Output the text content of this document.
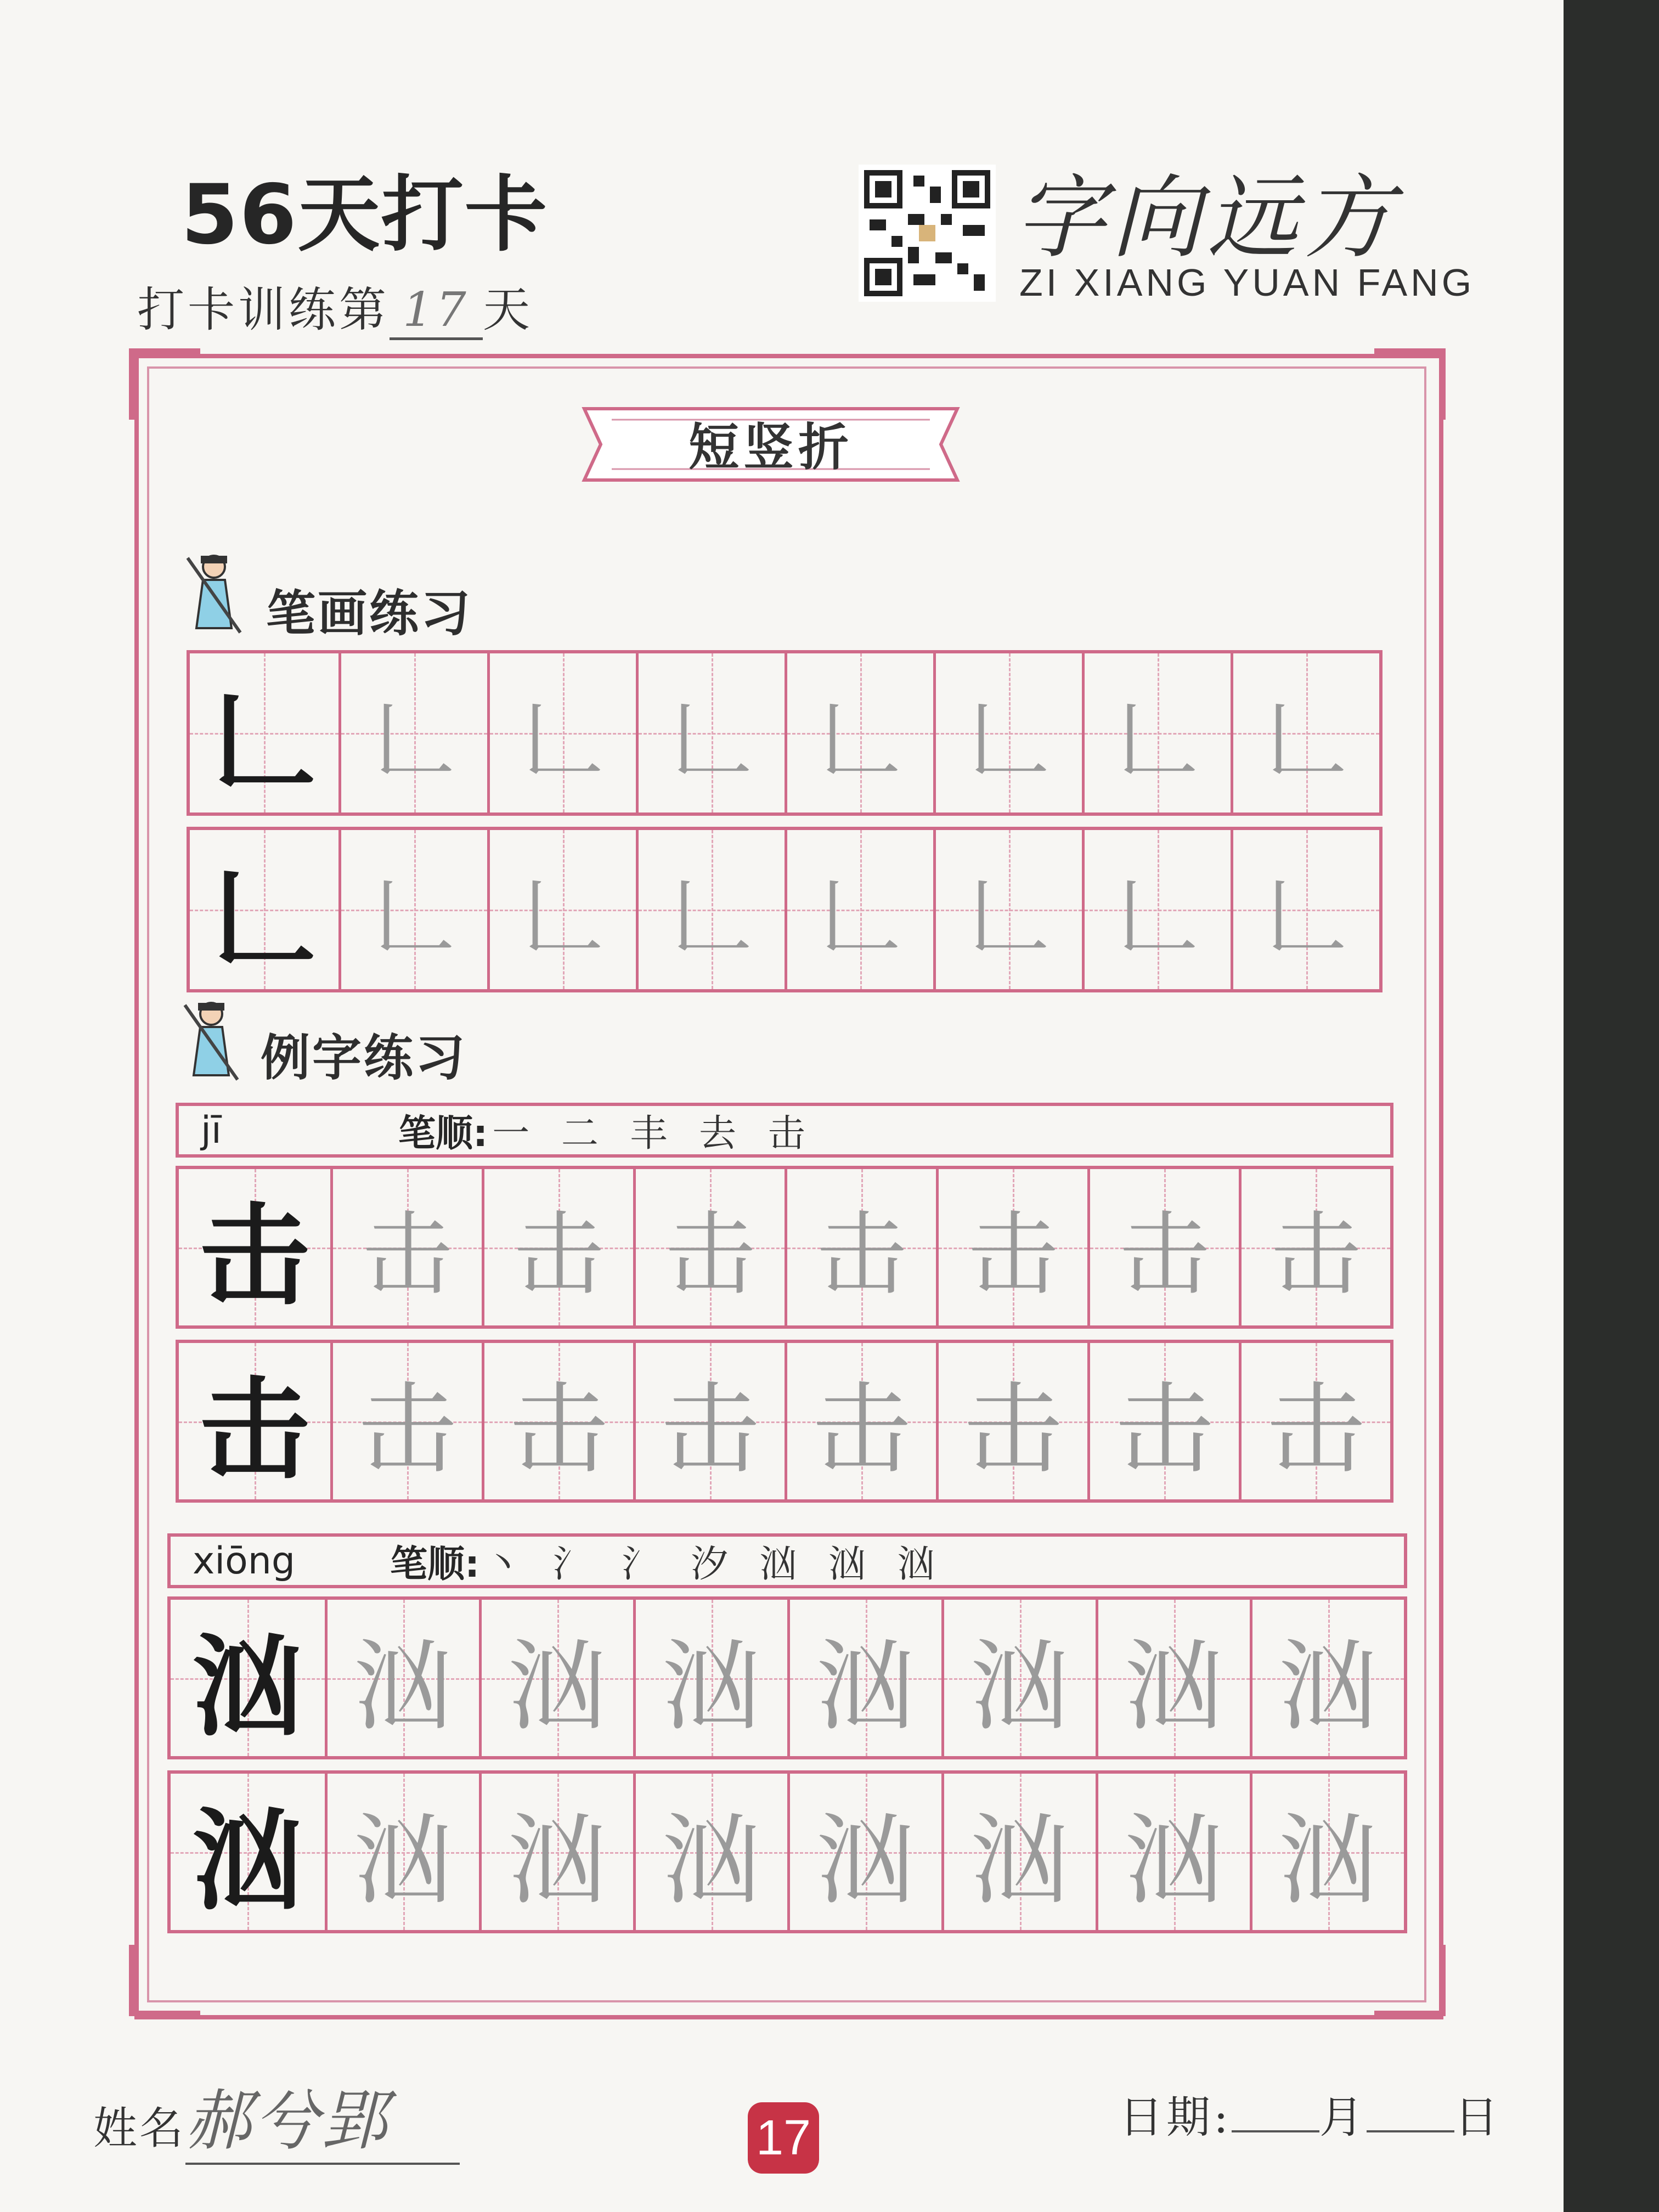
56天打卡
打卡训练第 17 天
字向远方
ZI XIANG YUAN FANG
短竖折
笔画练习
𠃊 𠃊 𠃊 𠃊 𠃊 𠃊 𠃊 𠃊
𠃊 𠃊 𠃊 𠃊 𠃊 𠃊 𠃊 𠃊
例字练习
jī	笔顺: 一 二 丰 去 击
击 击 击 击 击 击 击 击
击 击 击 击 击 击 击 击
xiōng	笔顺: 丶 氵 氵 汐 汹 汹 汹
汹 汹 汹 汹 汹 汹 汹 汹
汹 汹 汹 汹 汹 汹 汹 汹
姓名郝兮郢	17	日期: 月 日
